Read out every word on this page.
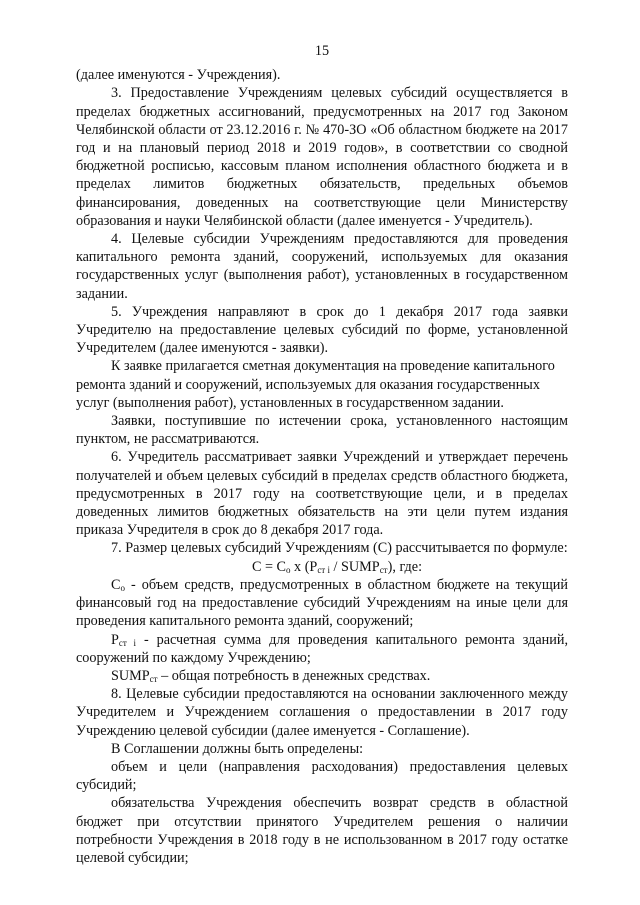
15

(далее именуются - Учреждения).

3. Предоставление Учреждениям целевых субсидий осуществляется в пределах бюджетных ассигнований, предусмотренных на 2017 год Законом Челябинской области от 23.12.2016 г. № 470-ЗО «Об областном бюджете на 2017 год и на плановый период 2018 и 2019 годов», в соответствии со сводной бюджетной росписью, кассовым планом исполнения областного бюджета и в пределах лимитов бюджетных обязательств, предельных объемов финансирования, доведенных на соответствующие цели Министерству образования и науки Челябинской области (далее именуется - Учредитель).

4. Целевые субсидии Учреждениям предоставляются для проведения капитального ремонта зданий, сооружений, используемых для оказания государственных услуг (выполнения работ), установленных в государственном задании.

5. Учреждения направляют в срок до 1 декабря 2017 года заявки Учредителю на предоставление целевых субсидий по форме, установленной Учредителем (далее именуются - заявки).

К заявке прилагается сметная документация на проведение капитального ремонта зданий и сооружений, используемых для оказания государственных услуг (выполнения работ), установленных в государственном задании.

Заявки, поступившие по истечении срока, установленного настоящим пунктом, не рассматриваются.

6. Учредитель рассматривает заявки Учреждений и утверждает перечень получателей и объем целевых субсидий в пределах средств областного бюджета, предусмотренных в 2017 году на соответствующие цели, и в пределах доведенных лимитов бюджетных обязательств на эти цели путем издания приказа Учредителя в срок до 8 декабря 2017 года.

7. Размер целевых субсидий Учреждениям (С) рассчитывается по формуле:

$С = С_о$ х ($Р_{ст i}$ / $SUMP_{ст}$), где:

$С_о$ - объем средств, предусмотренных в областном бюджете на текущий финансовый год на предоставление субсидий Учреждениям на иные цели для проведения капитального ремонта зданий, сооружений;

$Р_{ст i}$ - расчетная сумма для проведения капитального ремонта зданий, сооружений по каждому Учреждению;

$SUMP_{ст}$ – общая потребность в денежных средствах.

8. Целевые субсидии предоставляются на основании заключенного между Учредителем и Учреждением соглашения о предоставлении в 2017 году Учреждению целевой субсидии (далее именуется - Соглашение).

В Соглашении должны быть определены:

объем и цели (направления расходования) предоставления целевых субсидий;

обязательства Учреждения обеспечить возврат средств в областной бюджет при отсутствии принятого Учредителем решения о наличии потребности Учреждения в 2018 году в не использованном в 2017 году остатке целевой субсидии;
